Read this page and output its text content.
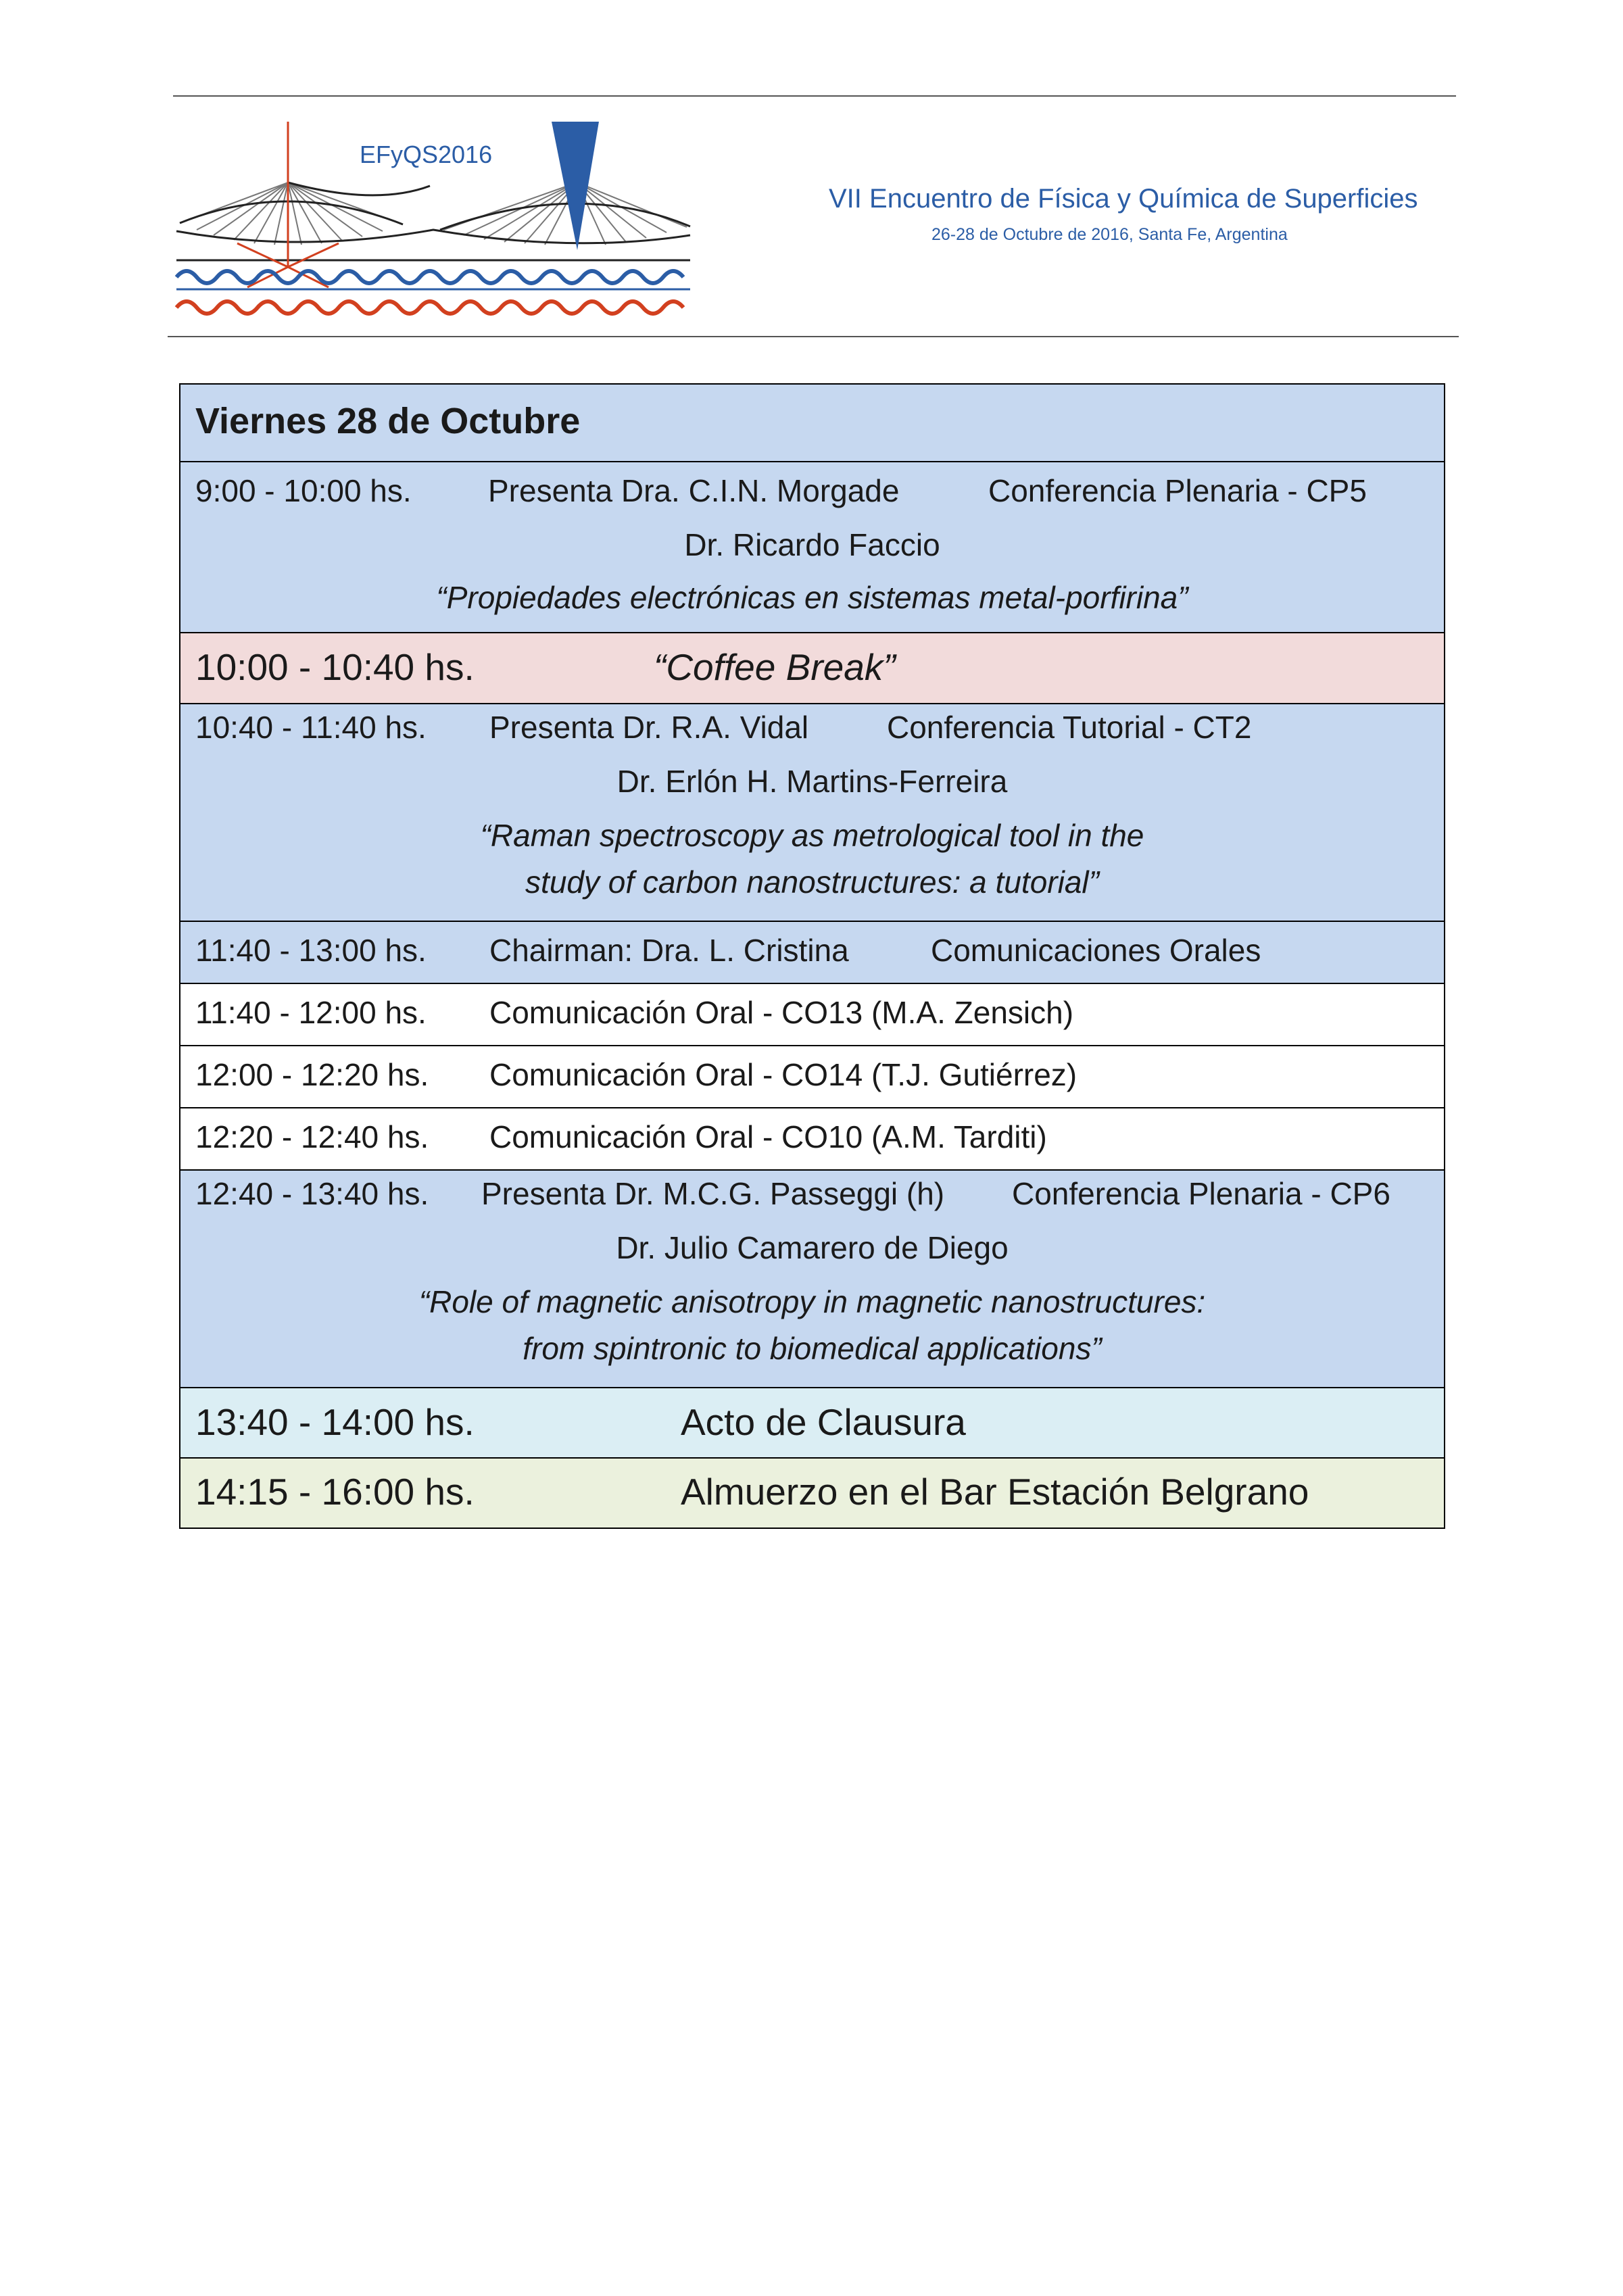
EFyQS2016
VII Encuentro de Física y Química de Superficies
26-28 de Octubre de 2016, Santa Fe, Argentina
Viernes 28 de Octubre
9:00 - 10:00 hs. Presenta Dra. C.I.N. Morgade	Conferencia Plenaria - CP5
Dr. Ricardo Faccio
“Propiedades electrónicas en sistemas metal-porfirina”
10:00 - 10:40 hs.	“Coffee Break”
10:40 - 11:40 hs. Presenta Dr. R.A. Vidal	Conferencia Tutorial - CT2
Dr. Erlón H. Martins-Ferreira
“Raman spectroscopy as metrological tool in the
study of carbon nanostructures: a tutorial”
11:40 - 13:00 hs. Chairman: Dra. L. Cristina	Comunicaciones Orales
11:40 - 12:00 hs. Comunicación Oral - CO13 (M.A. Zensich)
12:00 - 12:20 hs. Comunicación Oral - CO14 (T.J. Gutiérrez)
12:20 - 12:40 hs. Comunicación Oral - CO10 (A.M. Tarditi)
12:40 - 13:40 hs. Presenta Dr. M.C.G. Passeggi (h) Conferencia Plenaria - CP6
Dr. Julio Camarero de Diego
“Role of magnetic anisotropy in magnetic nanostructures:
from spintronic to biomedical applications”
13:40 - 14:00 hs.	Acto de Clausura
14:15 - 16:00 hs.	Almuerzo en el Bar Estación Belgrano
